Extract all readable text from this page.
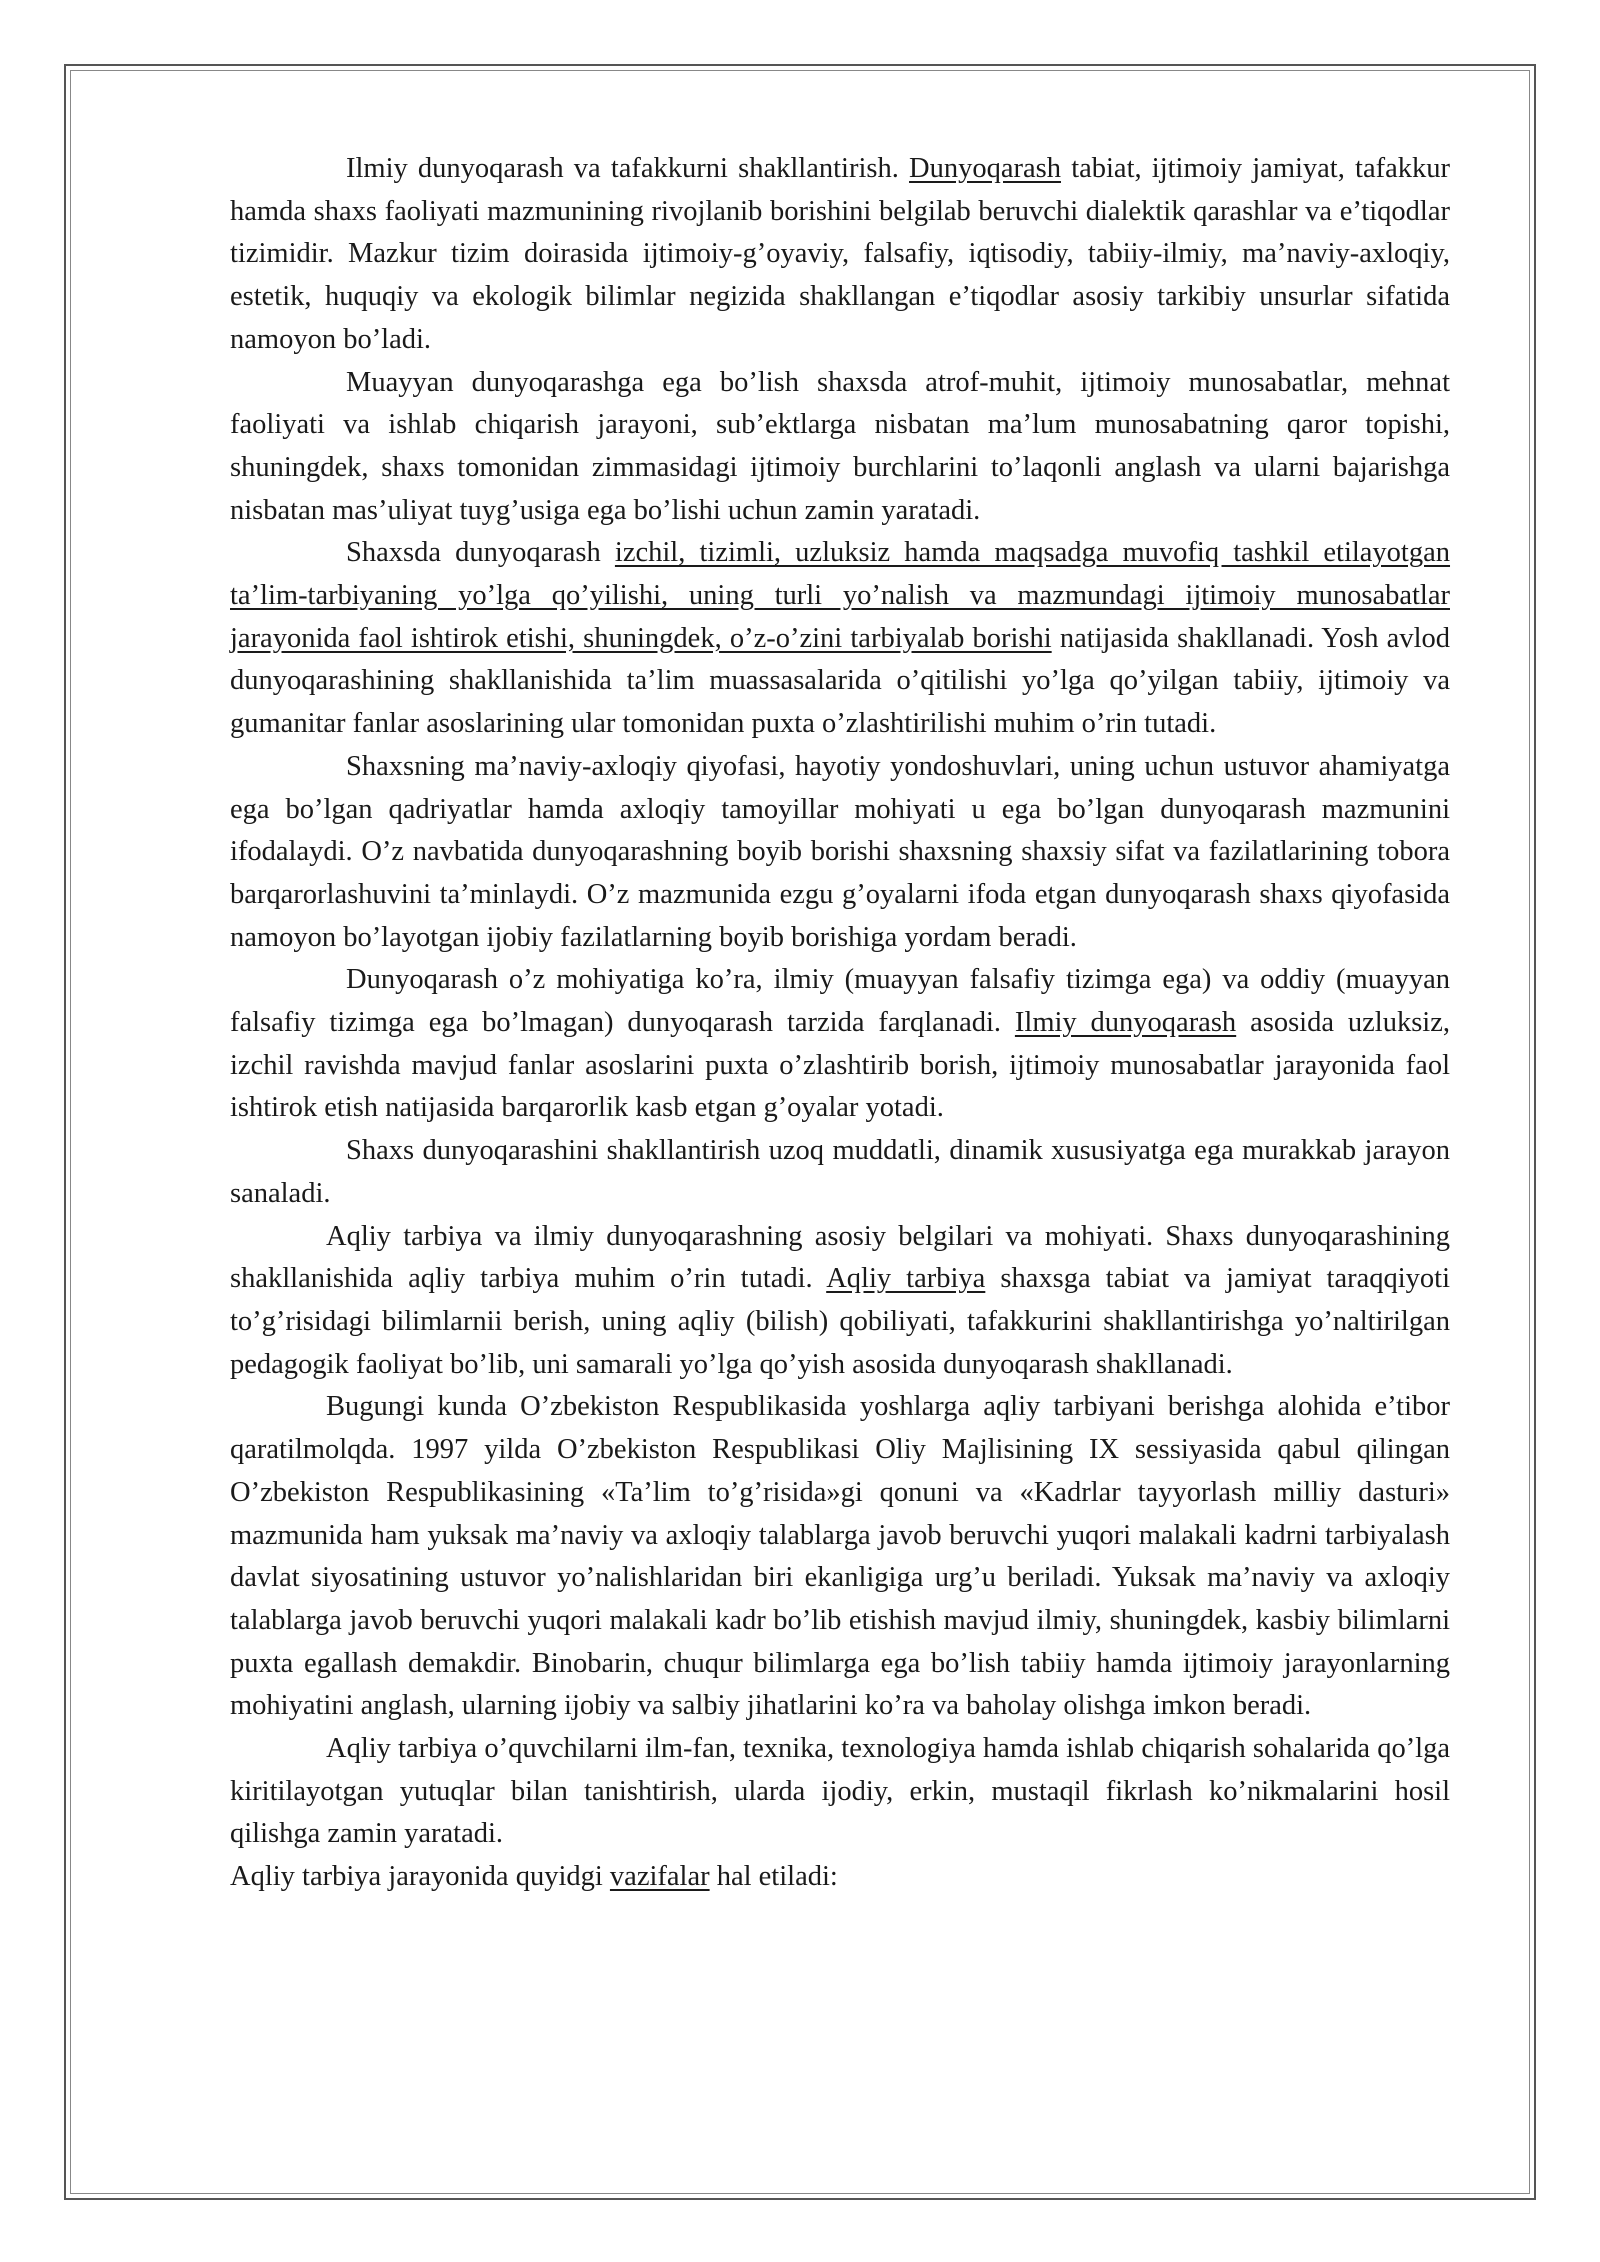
Ilmiy dunyoqarash va tafakkurni shakllantirish. Dunyoqarash tabiat, ijtimoiy jamiyat, tafakkur hamda shaxs faoliyati mazmunining rivojlanib borishini belgilab beruvchi dialektik qarashlar va e’tiqodlar tizimidir. Mazkur tizim doirasida ijtimoiy-g’oyaviy, falsafiy, iqtisodiy, tabiiy-ilmiy, ma’naviy-axloqiy, estetik, huquqiy va ekologik bilimlar negizida shakllangan e’tiqodlar asosiy tarkibiy unsurlar sifatida namoyon bo’ladi.

Muayyan dunyoqarashga ega bo’lish shaxsda atrof-muhit, ijtimoiy munosabatlar, mehnat faoliyati va ishlab chiqarish jarayoni, sub’ektlarga nisbatan ma’lum munosabatning qaror topishi, shuningdek, shaxs tomonidan zimmasidagi ijtimoiy burchlarini to’laqonli anglash va ularni bajarishga nisbatan mas’uliyat tuyg’usiga ega bo’lishi uchun zamin yaratadi.

Shaxsda dunyoqarash izchil, tizimli, uzluksiz hamda maqsadga muvofiq tashkil etilayotgan ta’lim-tarbiyaning yo’lga qo’yilishi, uning turli yo’nalish va mazmundagi ijtimoiy munosabatlar jarayonida faol ishtirok etishi, shuningdek, o’z-o’zini tarbiyalab borishi natijasida shakllanadi. Yosh avlod dunyoqarashining shakllanishida ta’lim muassasalarida o’qitilishi yo’lga qo’yilgan tabiiy, ijtimoiy va gumanitar fanlar asoslarining ular tomonidan puxta o’zlashtirilishi muhim o’rin tutadi.

Shaxsning ma’naviy-axloqiy qiyofasi, hayotiy yondoshuvlari, uning uchun ustuvor ahamiyatga ega bo’lgan qadriyatlar hamda axloqiy tamoyillar mohiyati u ega bo’lgan dunyoqarash mazmunini ifodalaydi. O’z navbatida dunyoqarashning boyib borishi shaxsning shaxsiy sifat va fazilatlarining tobora barqarorlashuvini ta’minlaydi. O’z mazmunida ezgu g’oyalarni ifoda etgan dunyoqarash shaxs qiyofasida namoyon bo’layotgan ijobiy fazilatlarning boyib borishiga yordam beradi.

Dunyoqarash o’z mohiyatiga ko’ra, ilmiy (muayyan falsafiy tizimga ega) va oddiy (muayyan falsafiy tizimga ega bo’lmagan) dunyoqarash tarzida farqlanadi. Ilmiy dunyoqarash asosida uzluksiz, izchil ravishda mavjud fanlar asoslarini puxta o’zlashtirib borish, ijtimoiy munosabatlar jarayonida faol ishtirok etish natijasida barqarorlik kasb etgan g’oyalar yotadi.

Shaxs dunyoqarashini shakllantirish uzoq muddatli, dinamik xususiyatga ega murakkab jarayon sanaladi.

Aqliy tarbiya va ilmiy dunyoqarashning asosiy belgilari va mohiyati. Shaxs dunyoqarashining shakllanishida aqliy tarbiya muhim o’rin tutadi. Aqliy tarbiya shaxsga tabiat va jamiyat taraqqiyoti to’g’risidagi bilimlarnii berish, uning aqliy (bilish) qobiliyati, tafakkurini shakllantirishga yo’naltirilgan pedagogik faoliyat bo’lib, uni samarali yo’lga qo’yish asosida dunyoqarash shakllanadi.

Bugungi kunda O’zbekiston Respublikasida yoshlarga aqliy tarbiyani berishga alohida e’tibor qaratilmolqda. 1997 yilda O’zbekiston Respublikasi Oliy Majlisining IX sessiyasida qabul qilingan O’zbekiston Respublikasining «Ta’lim to’g’risida»gi qonuni va «Kadrlar tayyorlash milliy dasturi» mazmunida ham yuksak ma’naviy va axloqiy talablarga javob beruvchi yuqori malakali kadrni tarbiyalash davlat siyosatining ustuvor yo’nalishlaridan biri ekanligiga urg’u beriladi. Yuksak ma’naviy va axloqiy talablarga javob beruvchi yuqori malakali kadr bo’lib etishish mavjud ilmiy, shuningdek, kasbiy bilimlarni puxta egallash demakdir. Binobarin, chuqur bilimlarga ega bo’lish tabiiy hamda ijtimoiy jarayonlarning mohiyatini anglash, ularning ijobiy va salbiy jihatlarini ko’ra va baholay olishga imkon beradi.

Aqliy tarbiya o’quvchilarni ilm-fan, texnika, texnologiya hamda ishlab chiqarish sohalarida qo’lga kiritilayotgan yutuqlar bilan tanishtirish, ularda ijodiy, erkin, mustaqil fikrlash ko’nikmalarini hosil qilishga zamin yaratadi.

Aqliy tarbiya jarayonida quyidgi vazifalar hal etiladi:
